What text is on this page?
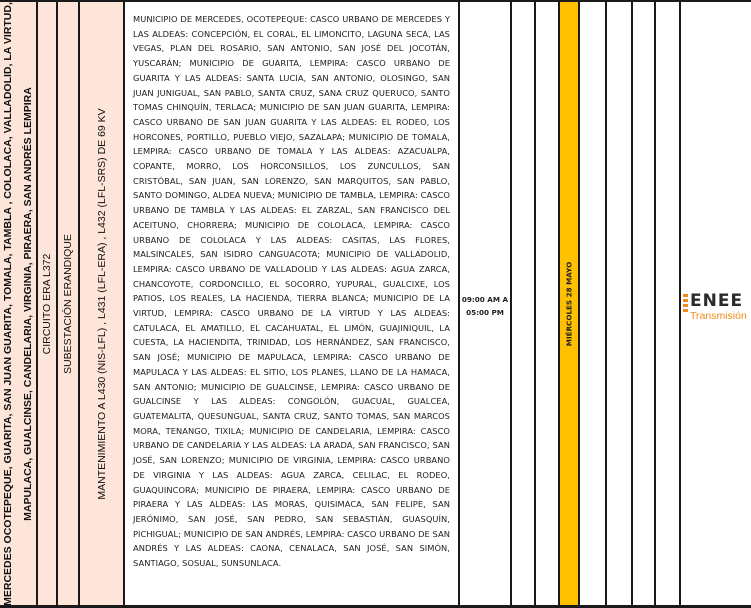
MERCEDES OCOTEPEQUE, GUARITA, SAN JUAN GUARITA, TOMALA, TAMBLA , COLOLACA, VALLADOLID, LA VIRTUD, MAPULACA, GUALCINSE, CANDELARIA, VIRGINIA, PIRAERA, SAN ANDRÉS LEMPIRA CIRCUITO ERA L372 SUBESTACIÓN ERANDIQUE MANTENIMIENTO A L430 (NIS-LFL) , L431 (LFL-ERA) , L432 (LFL-SRS) DE 69 KV
MUNICIPIO DE MERCEDES, OCOTEPEQUE: CASCO URBANO DE MERCEDES Y LAS ALDEAS: CONCEPCIÓN, EL CORAL, EL LIMONCITO, LAGUNA SECA, LAS VEGAS, PLAN DEL ROSARIO, SAN ANTONIO, SAN JOSÉ DEL JOCOTÁN, YUSCARÁN; MUNICIPIO DE GUARITA, LEMPIRA: CASCO URBANO DE GUARITA Y LAS ALDEAS: SANTA LUCIA, SAN ANTONIO, OLOSINGO, SAN JUAN JUNIGUAL, SAN PABLO, SANTA CRUZ, SANA CRUZ QUERUCO, SANTO TOMAS CHINQUÍN, TERLACA; MUNICIPIO DE SAN JUAN GUARITA, LEMPIRA: CASCO URBANO DE SAN JUAN GUARITA Y LAS ALDEAS: EL RODEO, LOS HORCONES, PORTILLO, PUEBLO VIEJO, SAZALAPA; MUNICIPIO DE TOMALA, LEMPIRA: CASCO URBANO DE TOMALA Y LAS ALDEAS: AZACUALPA, COPANTE, MORRO, LOS HORCONSILLOS, LOS ZUNCULLOS, SAN CRISTÓBAL, SAN JUAN, SAN LORENZO, SAN MARQUITOS, SAN PABLO, SANTO DOMINGO, ALDEA NUEVA; MUNICIPIO DE TAMBLA, LEMPIRA: CASCO URBANO DE TAMBLA Y LAS ALDEAS: EL ZARZAL, SAN FRANCISCO DEL ACEITUNO, CHORRERA; MUNICIPIO DE COLOLACA, LEMPIRA: CASCO URBANO DE COLOLACA Y LAS ALDEAS: CASITAS, LAS FLORES, MALSINCALES, SAN ISIDRO CANGUACOTA; MUNICIPIO DE VALLADOLID, LEMPIRA: CASCO URBANO DE VALLADOLID Y LAS ALDEAS: AGUA ZARCA, CHANCOYOTE, CORDONCILLO, EL SOCORRO, YUPURAL, GUALCIXE, LOS PATIOS, LOS REALES, LA HACIENDA, TIERRA BLANCA; MUNICIPIO DE LA VIRTUD, LEMPIRA: CASCO URBANO DE LA VIRTUD Y LAS ALDEAS: CATULACA, EL AMATILLO, EL CACAHUATAL, EL LIMÓN, GUAJINIQUIL, LA CUESTA, LA HACIENDITA, TRINIDAD, LOS HERNÁNDEZ, SAN FRANCISCO, SAN JOSÉ; MUNICIPIO DE MAPULACA, LEMPIRA: CASCO URBANO DE MAPULACA Y LAS ALDEAS: EL SITIO, LOS PLANES, LLANO DE LA HAMACA, SAN ANTONIO; MUNICIPIO DE GUALCINSE, LEMPIRA: CASCO URBANO DE GUALCINSE Y LAS ALDEAS: CONGOLÓN, GUACUAL, GUALCEA, GUATEMALITA, QUESUNGUAL, SANTA CRUZ, SANTO TOMAS, SAN MARCOS MORA, TENANGO, TIXILA; MUNICIPIO DE CANDELARIA, LEMPIRA: CASCO URBANO DE CANDELARIA Y LAS ALDEAS: LA ARADA, SAN FRANCISCO, SAN JOSÉ, SAN LORENZO; MUNICIPIO DE VIRGINIA, LEMPIRA: CASCO URBANO DE VIRGINIA Y LAS ALDEAS: AGUA ZARCA, CELILAC, EL RODEO, GUAQUINCORA; MUNICIPIO DE PIRAERA, LEMPIRA: CASCO URBANO DE PIRAERA Y LAS ALDEAS: LAS MORAS, QUISIMACA, SAN FELIPE, SAN JERÓNIMO, SAN JOSÉ, SAN PEDRO, SAN SEBASTIÁN, GUASQUÍN, PICHIGUAL; MUNICIPIO DE SAN ANDRÉS, LEMPIRA: CASCO URBANO DE SAN ANDRÉS Y LAS ALDEAS: CAONA, CENALACA, SAN JOSÉ, SAN SIMÓN, SANTIAGO, SOSUAL, SUNSUNLACA.
09:00 AM A
05:00 PM	MIÉRCOLES 28 MAYO	ENEE
Transmisión
